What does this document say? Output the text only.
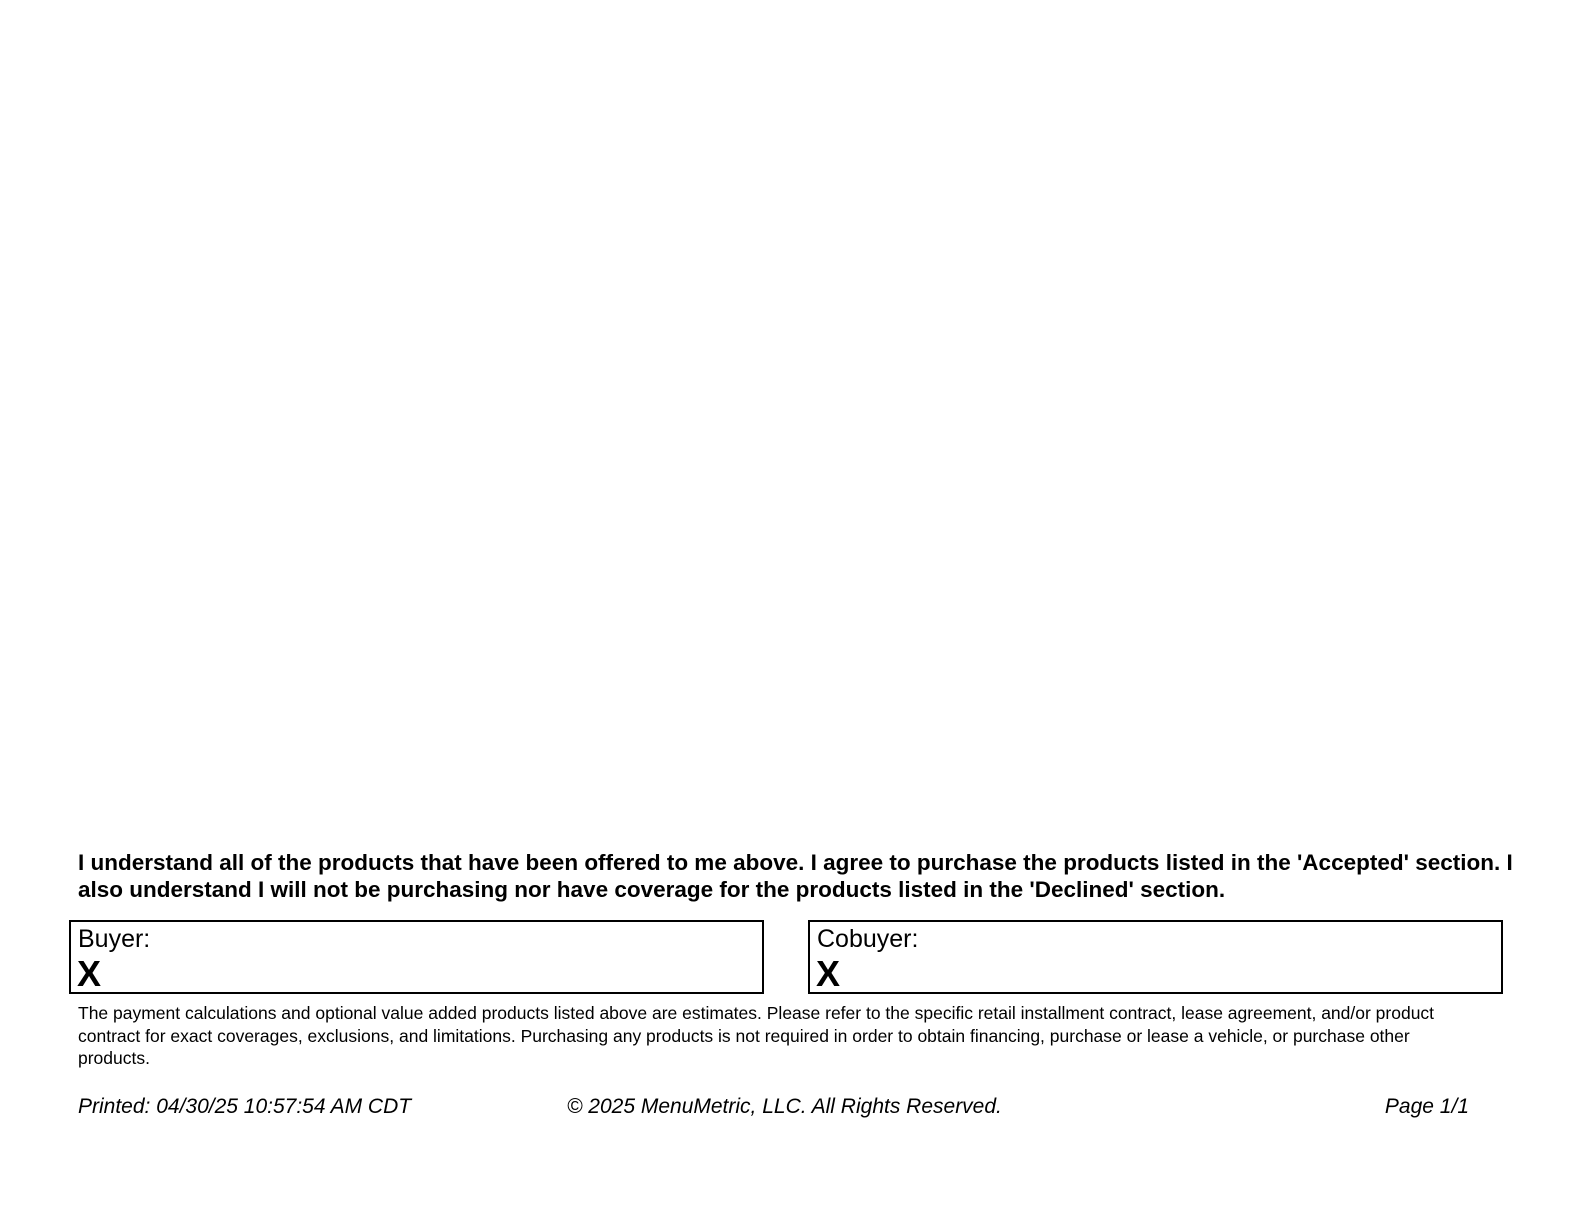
I understand all of the products that have been offered to me above. I agree to purchase the products listed in the 'Accepted' section. I also understand I will not be purchasing nor have coverage for the products listed in the 'Declined' section.

Buyer:
X
Cobuyer:
X

The payment calculations and optional value added products listed above are estimates. Please refer to the specific retail installment contract, lease agreement, and/or product contract for exact coverages, exclusions, and limitations. Purchasing any products is not required in order to obtain financing, purchase or lease a vehicle, or purchase other products.

Printed: 04/30/25 10:57:54 AM CDT	© 2025 MenuMetric, LLC. All Rights Reserved.	Page 1/1
